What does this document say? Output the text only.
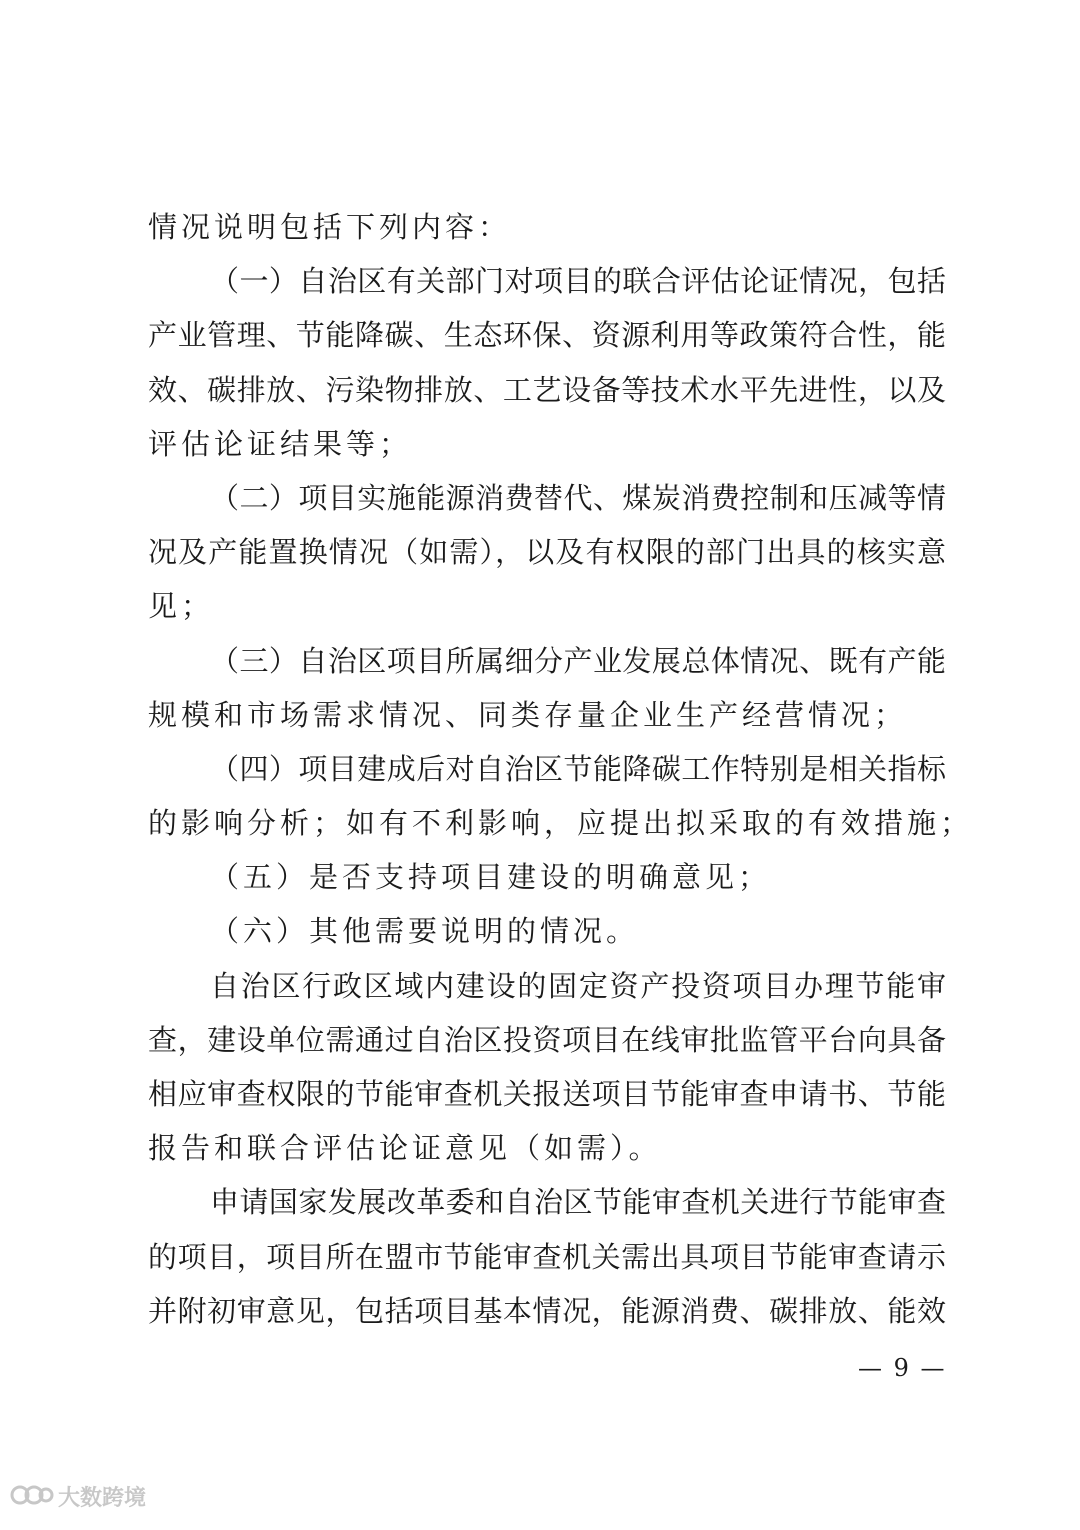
情况说明包括下列内容：
（一）自治区有关部门对项目的联合评估论证情况，包括
产业管理、节能降碳、生态环保、资源利用等政策符合性，能
效、碳排放、污染物排放、工艺设备等技术水平先进性，以及
评估论证结果等；
（二）项目实施能源消费替代、煤炭消费控制和压减等情
况及产能置换情况（如需），以及有权限的部门出具的核实意
见；
（三）自治区项目所属细分产业发展总体情况、既有产能
规模和市场需求情况、同类存量企业生产经营情况；
（四）项目建成后对自治区节能降碳工作特别是相关指标
的影响分析；如有不利影响，应提出拟采取的有效措施；
（五）是否支持项目建设的明确意见；
（六）其他需要说明的情况。
自治区行政区域内建设的固定资产投资项目办理节能审
查，建设单位需通过自治区投资项目在线审批监管平台向具备
相应审查权限的节能审查机关报送项目节能审查申请书、节能
报告和联合评估论证意见（如需）。
申请国家发展改革委和自治区节能审查机关进行节能审查
的项目，项目所在盟市节能审查机关需出具项目节能审查请示
并附初审意见，包括项目基本情况，能源消费、碳排放、能效
— 9 —
大数跨境
